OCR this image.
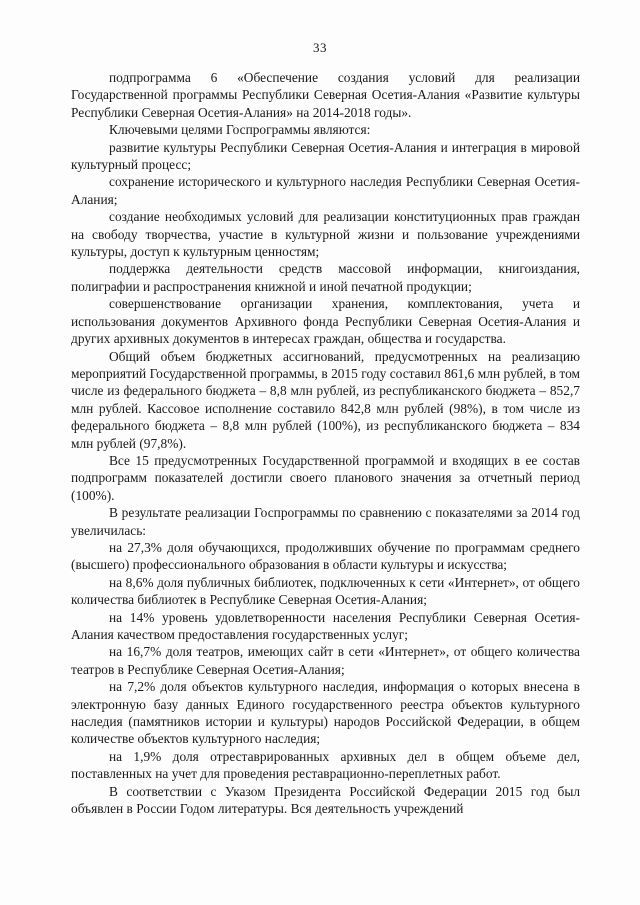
33

подпрограмма 6 «Обеспечение создания условий для реализации Государственной программы Республики Северная Осетия-Алания «Развитие культуры Республики Северная Осетия-Алания» на 2014-2018 годы».

Ключевыми целями Госпрограммы являются:

развитие культуры Республики Северная Осетия-Алания и интеграция в мировой культурный процесс;

сохранение исторического и культурного наследия Республики Северная Осетия-Алания;

создание необходимых условий для реализации конституционных прав граждан на свободу творчества, участие в культурной жизни и пользование учреждениями культуры, доступ к культурным ценностям;

поддержка деятельности средств массовой информации, книгоиздания, полиграфии и распространения книжной и иной печатной продукции;

совершенствование организации хранения, комплектования, учета и использования документов Архивного фонда Республики Северная Осетия-Алания и других архивных документов в интересах граждан, общества и государства.

Общий объем бюджетных ассигнований, предусмотренных на реализацию мероприятий Государственной программы, в 2015 году составил 861,6 млн рублей, в том числе из федерального бюджета – 8,8 млн рублей, из республиканского бюджета – 852,7 млн рублей. Кассовое исполнение составило 842,8 млн рублей (98%), в том числе из федерального бюджета – 8,8 млн рублей (100%), из республиканского бюджета – 834 млн рублей (97,8%).

Все 15 предусмотренных Государственной программой и входящих в ее состав подпрограмм показателей достигли своего планового значения за отчетный период (100%).

В результате реализации Госпрограммы по сравнению с показателями за 2014 год увеличилась:

на 27,3% доля обучающихся, продолживших обучение по программам среднего (высшего) профессионального образования в области культуры и искусства;

на 8,6% доля публичных библиотек, подключенных к сети «Интернет», от общего количества библиотек в Республике Северная Осетия-Алания;

на 14% уровень удовлетворенности населения Республики Северная Осетия-Алания качеством предоставления государственных услуг;

на 16,7% доля театров, имеющих сайт в сети «Интернет», от общего количества театров в Республике Северная Осетия-Алания;

на 7,2% доля объектов культурного наследия, информация о которых внесена в электронную базу данных Единого государственного реестра объектов культурного наследия (памятников истории и культуры) народов Российской Федерации, в общем количестве объектов культурного наследия;

на 1,9% доля отреставрированных архивных дел в общем объеме дел, поставленных на учет для проведения реставрационно-переплетных работ.

В соответствии с Указом Президента Российской Федерации 2015 год был объявлен в России Годом литературы. Вся деятельность учреждений
